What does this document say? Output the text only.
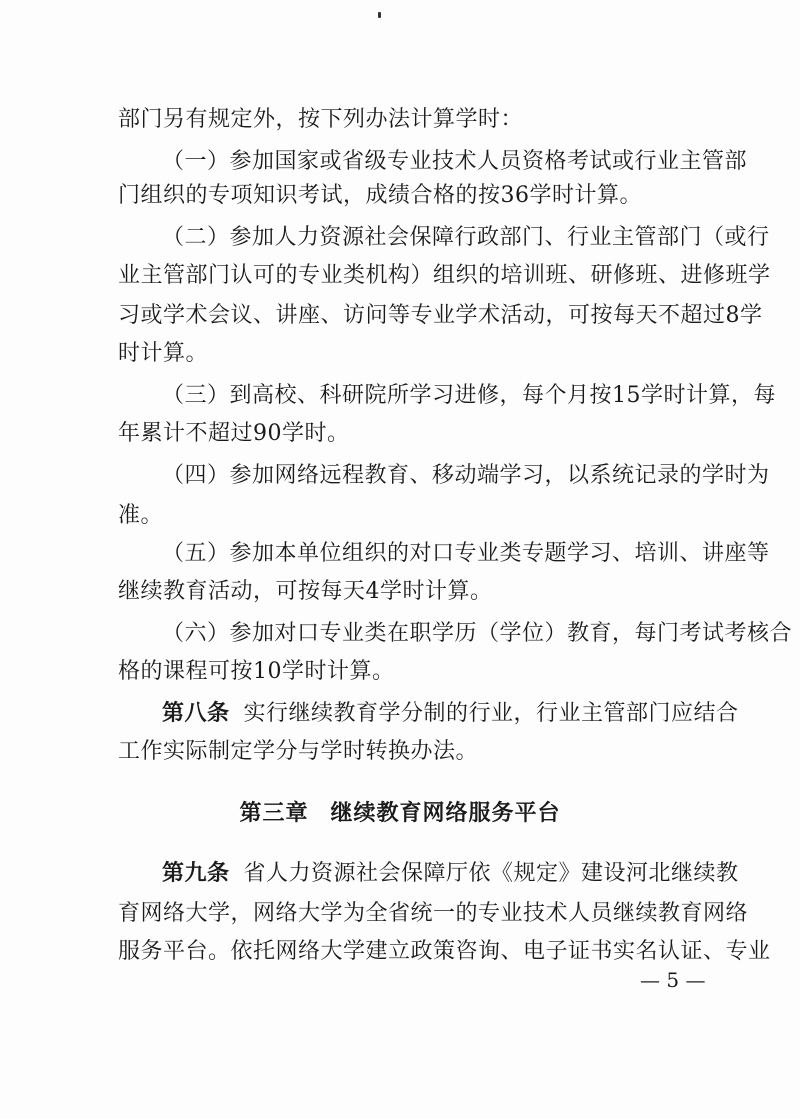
部门另有规定外，按下列办法计算学时：
（一）参加国家或省级专业技术人员资格考试或行业主管部
门组织的专项知识考试，成绩合格的按36学时计算。
（二）参加人力资源社会保障行政部门、行业主管部门（或行
业主管部门认可的专业类机构）组织的培训班、研修班、进修班学
习或学术会议、讲座、访问等专业学术活动，可按每天不超过8学
时计算。
（三）到高校、科研院所学习进修，每个月按15学时计算，每
年累计不超过90学时。
（四）参加网络远程教育、移动端学习，以系统记录的学时为
准。
（五）参加本单位组织的对口专业类专题学习、培训、讲座等
继续教育活动，可按每天4学时计算。
（六）参加对口专业类在职学历（学位）教育，每门考试考核合
格的课程可按10学时计算。
第八条 实行继续教育学分制的行业，行业主管部门应结合
工作实际制定学分与学时转换办法。
第九条 省人力资源社会保障厅依《规定》建设河北继续教
育网络大学，网络大学为全省统一的专业技术人员继续教育网络
服务平台。依托网络大学建立政策咨询、电子证书实名认证、专业
第三章 继续教育网络服务平台
— 5 —
